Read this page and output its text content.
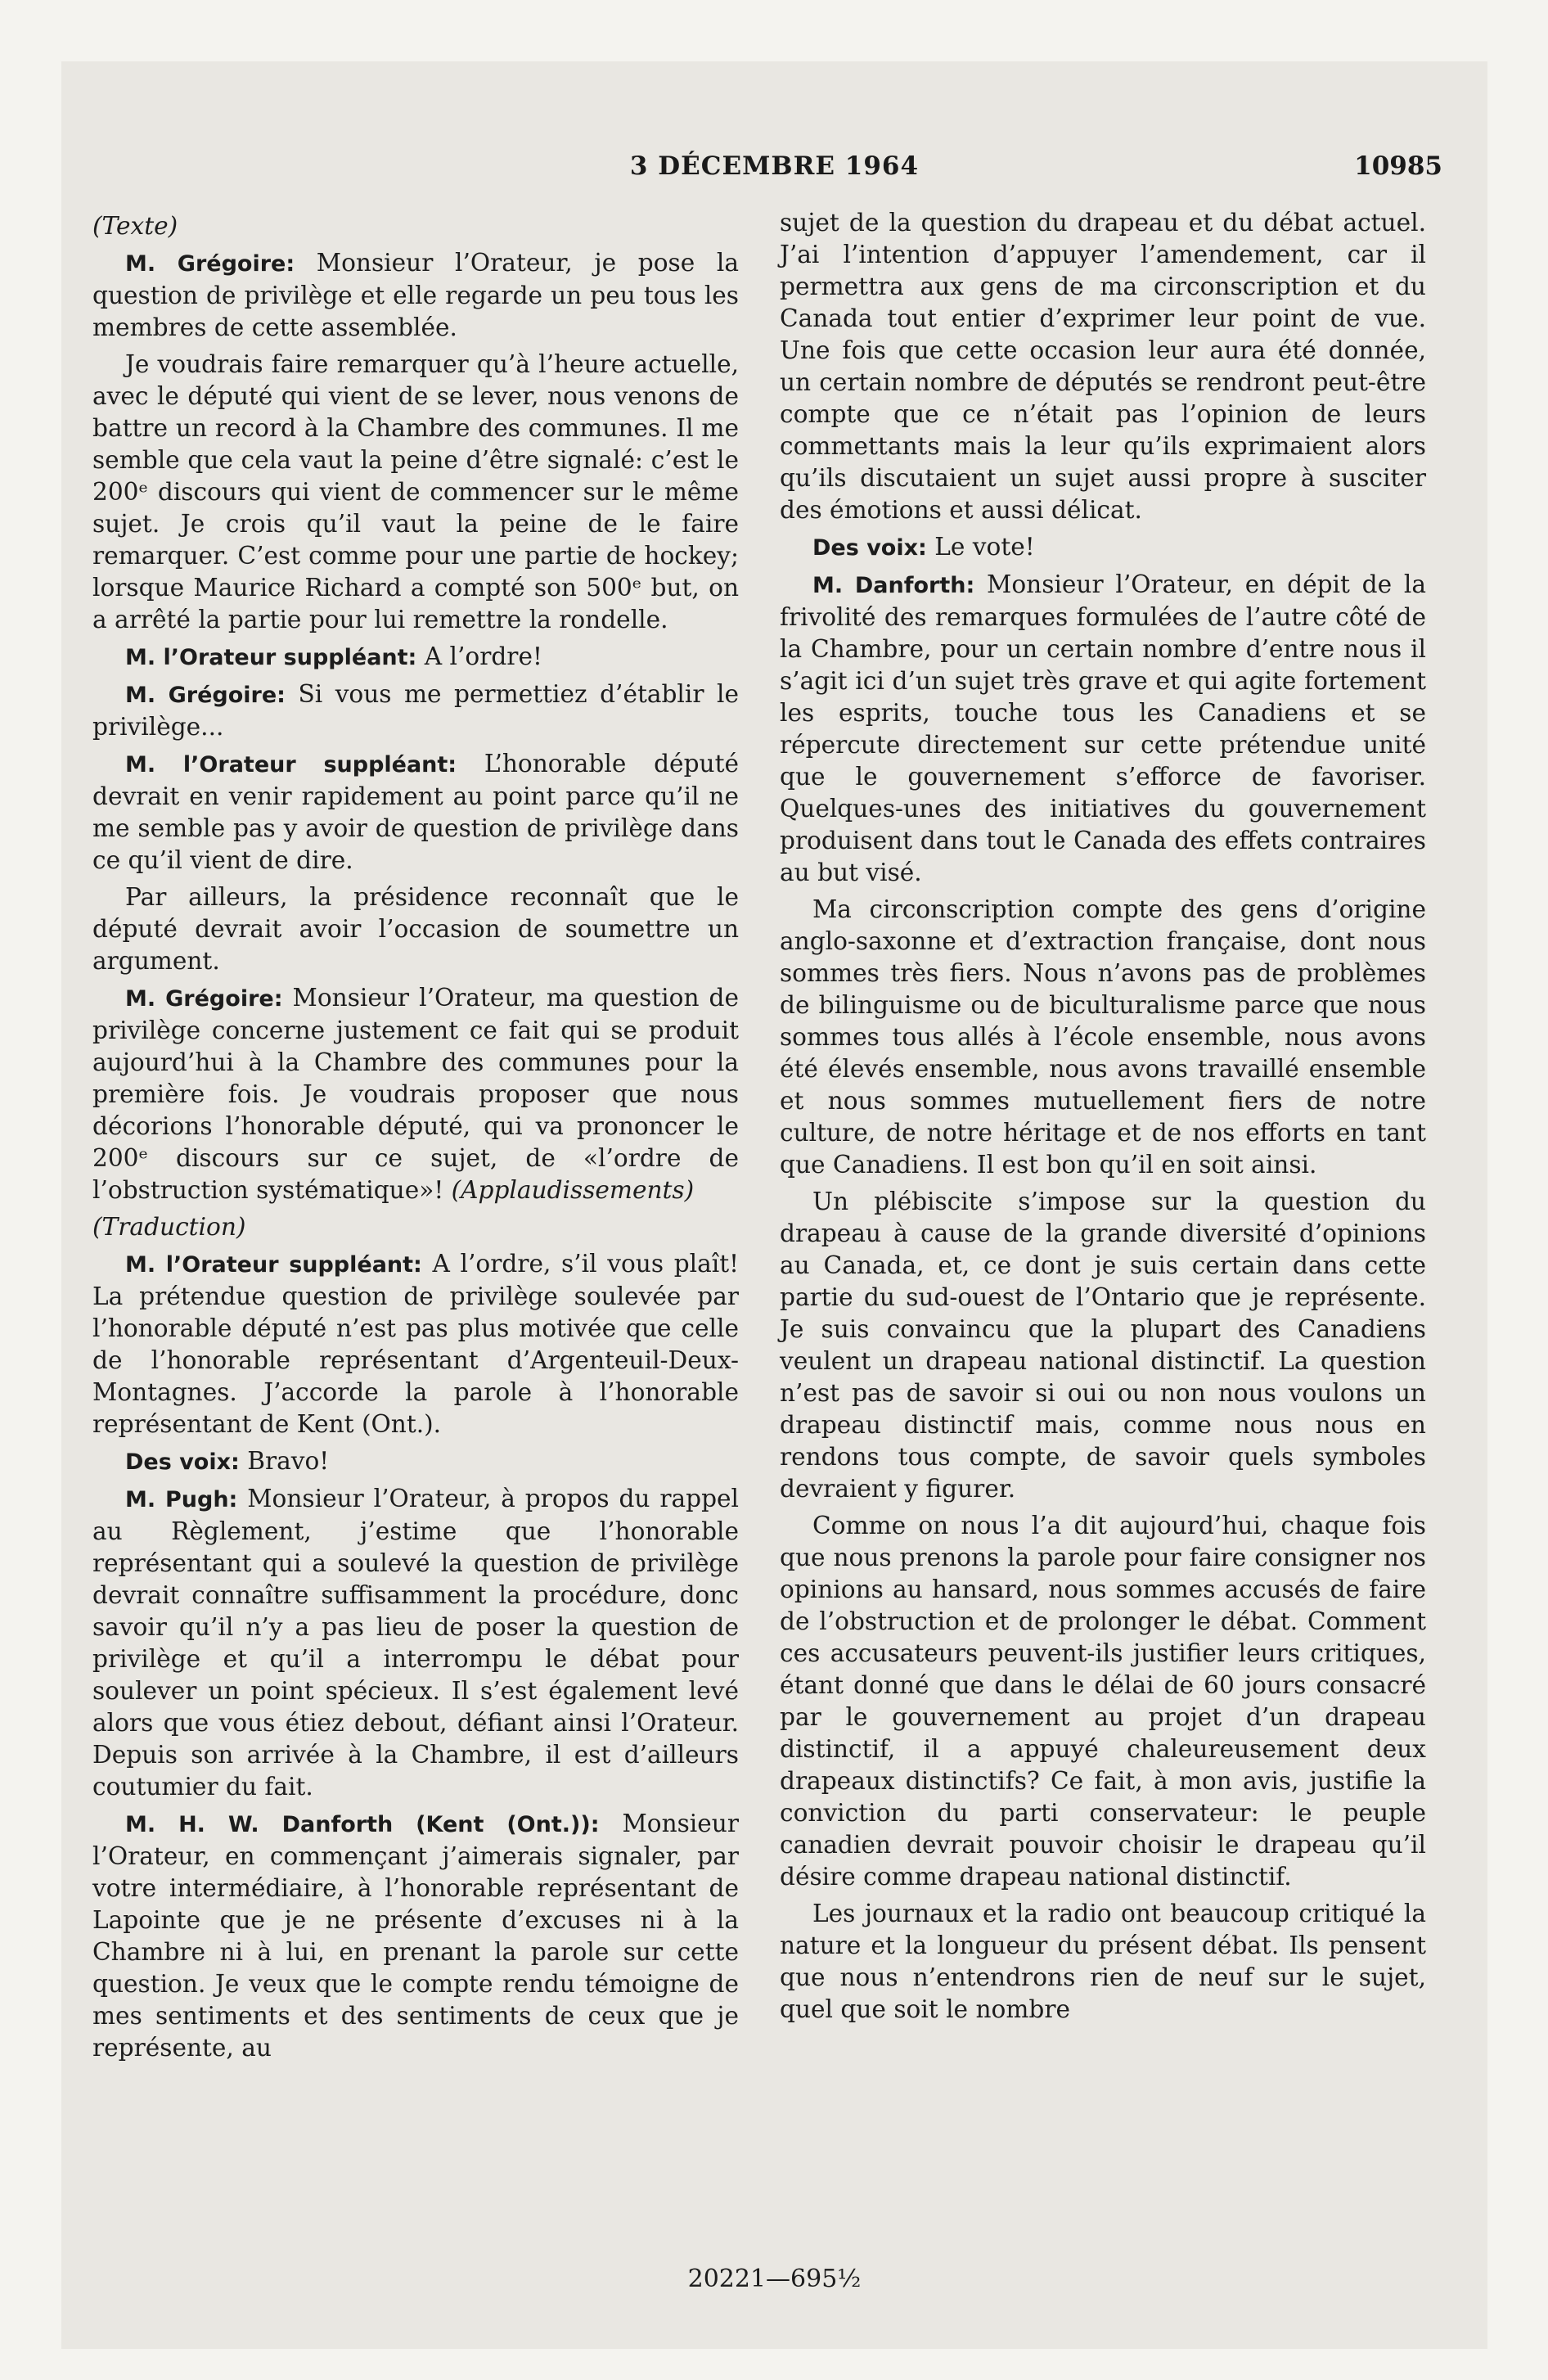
3 DÉCEMBRE 1964	10985

(Texte)

M. Grégoire: Monsieur l’Orateur, je pose la question de privilège et elle regarde un peu tous les membres de cette assemblée.

Je voudrais faire remarquer qu’à l’heure actuelle, avec le député qui vient de se lever, nous venons de battre un record à la Chambre des communes. Il me semble que cela vaut la peine d’être signalé: c’est le 200ᵉ discours qui vient de commencer sur le même sujet. Je crois qu’il vaut la peine de le faire remarquer. C’est comme pour une partie de hockey; lorsque Maurice Richard a compté son 500ᵉ but, on a arrêté la partie pour lui remettre la rondelle.

M. l’Orateur suppléant: A l’ordre!

M. Grégoire: Si vous me permettiez d’établir le privilège...

M. l’Orateur suppléant: L’honorable député devrait en venir rapidement au point parce qu’il ne me semble pas y avoir de question de privilège dans ce qu’il vient de dire.

Par ailleurs, la présidence reconnaît que le député devrait avoir l’occasion de soumettre un argument.

M. Grégoire: Monsieur l’Orateur, ma question de privilège concerne justement ce fait qui se produit aujourd’hui à la Chambre des communes pour la première fois. Je voudrais proposer que nous décorions l’honorable député, qui va prononcer le 200ᵉ discours sur ce sujet, de «l’ordre de l’obstruction systématique»! (Applaudissements)

(Traduction)

M. l’Orateur suppléant: A l’ordre, s’il vous plaît! La prétendue question de privilège soulevée par l’honorable député n’est pas plus motivée que celle de l’honorable représentant d’Argenteuil-Deux-Montagnes. J’accorde la parole à l’honorable représentant de Kent (Ont.).

Des voix: Bravo!

M. Pugh: Monsieur l’Orateur, à propos du rappel au Règlement, j’estime que l’honorable représentant qui a soulevé la question de privilège devrait connaître suffisamment la procédure, donc savoir qu’il n’y a pas lieu de poser la question de privilège et qu’il a interrompu le débat pour soulever un point spécieux. Il s’est également levé alors que vous étiez debout, défiant ainsi l’Orateur. Depuis son arrivée à la Chambre, il est d’ailleurs coutumier du fait.

M. H. W. Danforth (Kent (Ont.)): Monsieur l’Orateur, en commençant j’aimerais signaler, par votre intermédiaire, à l’honorable représentant de Lapointe que je ne présente d’excuses ni à la Chambre ni à lui, en prenant la parole sur cette question. Je veux que le compte rendu témoigne de mes sentiments et des sentiments de ceux que je représente, au

sujet de la question du drapeau et du débat actuel. J’ai l’intention d’appuyer l’amendement, car il permettra aux gens de ma circonscription et du Canada tout entier d’exprimer leur point de vue. Une fois que cette occasion leur aura été donnée, un certain nombre de députés se rendront peut-être compte que ce n’était pas l’opinion de leurs commettants mais la leur qu’ils exprimaient alors qu’ils discutaient un sujet aussi propre à susciter des émotions et aussi délicat.

Des voix: Le vote!

M. Danforth: Monsieur l’Orateur, en dépit de la frivolité des remarques formulées de l’autre côté de la Chambre, pour un certain nombre d’entre nous il s’agit ici d’un sujet très grave et qui agite fortement les esprits, touche tous les Canadiens et se répercute directement sur cette prétendue unité que le gouvernement s’efforce de favoriser. Quelques-unes des initiatives du gouvernement produisent dans tout le Canada des effets contraires au but visé.

Ma circonscription compte des gens d’origine anglo-saxonne et d’extraction française, dont nous sommes très fiers. Nous n’avons pas de problèmes de bilinguisme ou de biculturalisme parce que nous sommes tous allés à l’école ensemble, nous avons été élevés ensemble, nous avons travaillé ensemble et nous sommes mutuellement fiers de notre culture, de notre héritage et de nos efforts en tant que Canadiens. Il est bon qu’il en soit ainsi.

Un plébiscite s’impose sur la question du drapeau à cause de la grande diversité d’opinions au Canada, et, ce dont je suis certain dans cette partie du sud-ouest de l’Ontario que je représente. Je suis convaincu que la plupart des Canadiens veulent un drapeau national distinctif. La question n’est pas de savoir si oui ou non nous voulons un drapeau distinctif mais, comme nous nous en rendons tous compte, de savoir quels symboles devraient y figurer.

Comme on nous l’a dit aujourd’hui, chaque fois que nous prenons la parole pour faire consigner nos opinions au hansard, nous sommes accusés de faire de l’obstruction et de prolonger le débat. Comment ces accusateurs peuvent-ils justifier leurs critiques, étant donné que dans le délai de 60 jours consacré par le gouvernement au projet d’un drapeau distinctif, il a appuyé chaleureusement deux drapeaux distinctifs? Ce fait, à mon avis, justifie la conviction du parti conservateur: le peuple canadien devrait pouvoir choisir le drapeau qu’il désire comme drapeau national distinctif.

Les journaux et la radio ont beaucoup critiqué la nature et la longueur du présent débat. Ils pensent que nous n’entendrons rien de neuf sur le sujet, quel que soit le nombre

20221—695½
